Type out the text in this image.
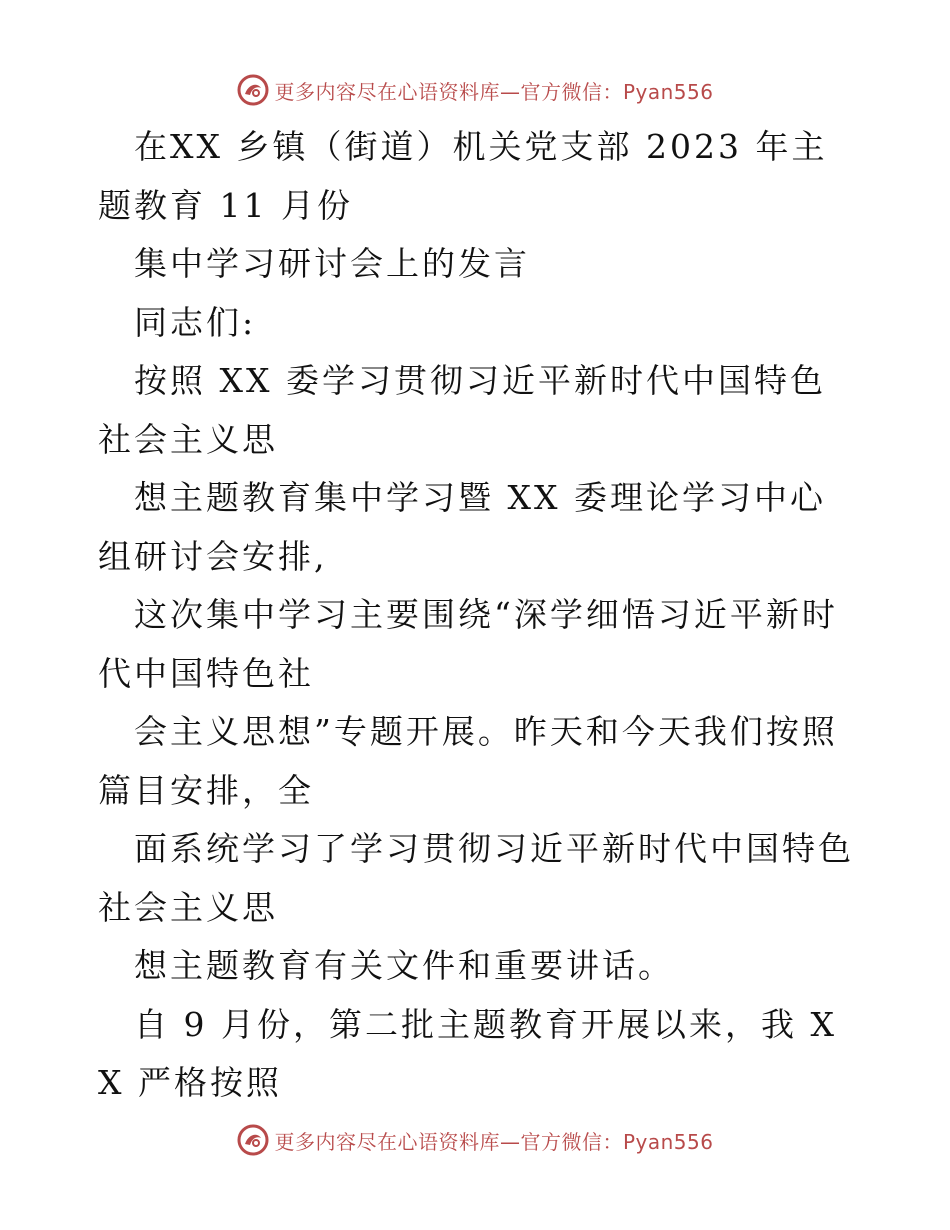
更多内容尽在心语资料库—官方微信：Pyan556

在XX 乡镇（街道）机关党支部 2023 年主题教育 11 月份

集中学习研讨会上的发言

同志们:

按照 XX 委学习贯彻习近平新时代中国特色社会主义思

想主题教育集中学习暨 XX 委理论学习中心组研讨会安排,

这次集中学习主要围绕“深学细悟习近平新时代中国特色社

会主义思想”专题开展。昨天和今天我们按照篇目安排，全

面系统学习了学习贯彻习近平新时代中国特色社会主义思

想主题教育有关文件和重要讲话。

自 9 月份，第二批主题教育开展以来，我 XX 严格按照

更多内容尽在心语资料库—官方微信：Pyan556
